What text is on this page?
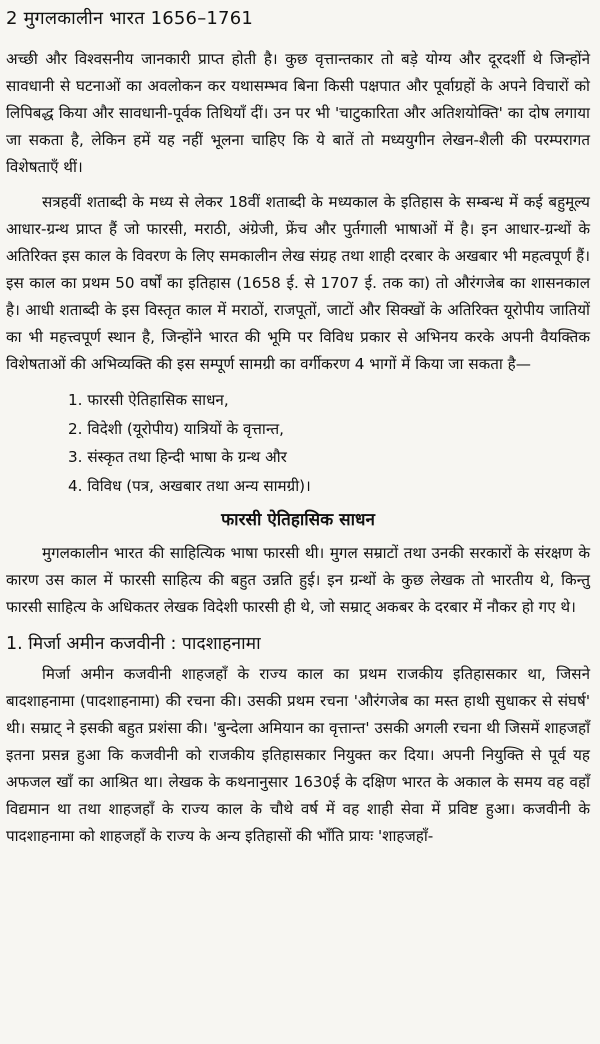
2 मुगलकालीन भारत 1656–1761

अच्छी और विश्वसनीय जानकारी प्राप्त होती है। कुछ वृत्तान्तकार तो बड़े योग्य और दूरदर्शी थे जिन्होंने सावधानी से घटनाओं का अवलोकन कर यथासम्भव बिना किसी पक्षपात और पूर्वाग्रहों के अपने विचारों को लिपिबद्ध किया और सावधानी-पूर्वक तिथियाँ दीं। उन पर भी 'चाटुकारिता और अतिशयोक्ति' का दोष लगाया जा सकता है, लेकिन हमें यह नहीं भूलना चाहिए कि ये बातें तो मध्ययुगीन लेखन-शैली की परम्परागत विशेषताएँ थीं।

सत्रहवीं शताब्दी के मध्य से लेकर 18वीं शताब्दी के मध्यकाल के इतिहास के सम्बन्ध में कई बहुमूल्य आधार-ग्रन्थ प्राप्त हैं जो फारसी, मराठी, अंग्रेजी, फ्रेंच और पुर्तगाली भाषाओं में है। इन आधार-ग्रन्थों के अतिरिक्त इस काल के विवरण के लिए समकालीन लेख संग्रह तथा शाही दरबार के अखबार भी महत्वपूर्ण हैं। इस काल का प्रथम 50 वर्षों का इतिहास (1658 ई. से 1707 ई. तक का) तो औरंगजेब का शासनकाल है। आधी शताब्दी के इस विस्तृत काल में मराठों, राजपूतों, जाटों और सिक्खों के अतिरिक्त यूरोपीय जातियों का भी महत्त्वपूर्ण स्थान है, जिन्होंने भारत की भूमि पर विविध प्रकार से अभिनय करके अपनी वैयक्तिक विशेषताओं की अभिव्यक्ति की इस सम्पूर्ण सामग्री का वर्गीकरण 4 भागों में किया जा सकता है—

1. फारसी ऐतिहासिक साधन,
2. विदेशी (यूरोपीय) यात्रियों के वृत्तान्त,
3. संस्कृत तथा हिन्दी भाषा के ग्रन्थ और
4. विविध (पत्र, अखबार तथा अन्य सामग्री)।
फारसी ऐतिहासिक साधन

मुगलकालीन भारत की साहित्यिक भाषा फारसी थी। मुगल सम्राटों तथा उनकी सरकारों के संरक्षण के कारण उस काल में फारसी साहित्य की बहुत उन्नति हुई। इन ग्रन्थों के कुछ लेखक तो भारतीय थे, किन्तु फारसी साहित्य के अधिकतर लेखक विदेशी फारसी ही थे, जो सम्राट् अकबर के दरबार में नौकर हो गए थे।

1. मिर्जा अमीन कजवीनी : पादशाहनामा

मिर्जा अमीन कजवीनी शाहजहाँ के राज्य काल का प्रथम राजकीय इतिहासकार था, जिसने बादशाहनामा (पादशाहनामा) की रचना की। उसकी प्रथम रचना 'औरंगजेब का मस्त हाथी सुधाकर से संघर्ष' थी। सम्राट् ने इसकी बहुत प्रशंसा की। 'बुन्देला अमियान का वृत्तान्त' उसकी अगली रचना थी जिसमें शाहजहाँ इतना प्रसन्न हुआ कि कजवीनी को राजकीय इतिहासकार नियुक्त कर दिया। अपनी नियुक्ति से पूर्व यह अफजल खाँ का आश्रित था। लेखक के कथनानुसार 1630ई के दक्षिण भारत के अकाल के समय वह वहाँ विद्यमान था तथा शाहजहाँ के राज्य काल के चौथे वर्ष में वह शाही सेवा में प्रविष्ट हुआ। कजवीनी के पादशाहनामा को शाहजहाँ के राज्य के अन्य इतिहासों की भाँति प्रायः 'शाहजहाँ-
